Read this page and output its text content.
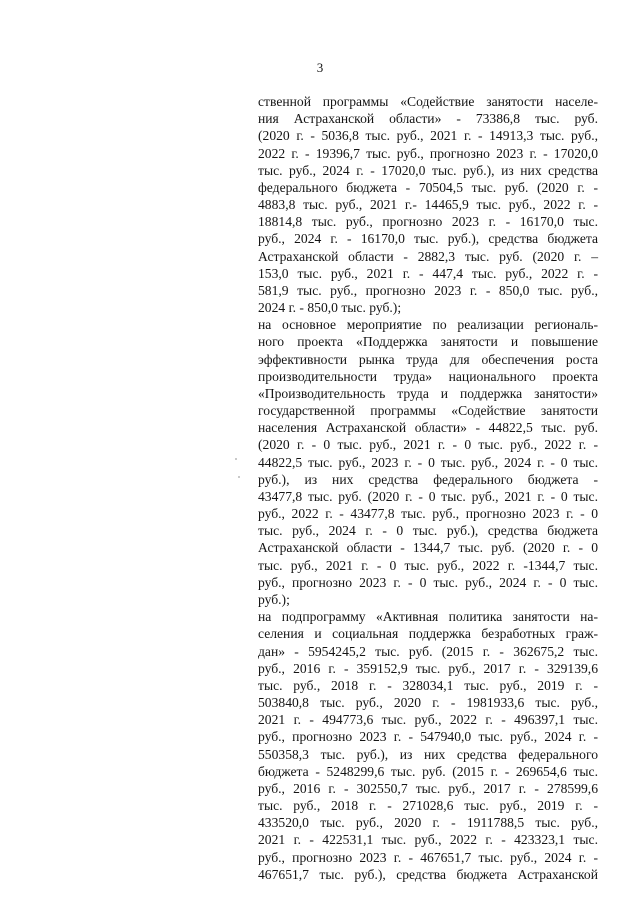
3
ственной программы «Содействие занятости населе-
ния Астраханской области» - 73386,8 тыс. руб.
(2020 г. - 5036,8 тыс. руб., 2021 г. - 14913,3 тыс. руб.,
2022 г. - 19396,7 тыс. руб., прогнозно 2023 г. - 17020,0
тыс. руб., 2024 г. - 17020,0 тыс. руб.), из них средства
федерального бюджета - 70504,5 тыс. руб. (2020 г. -
4883,8 тыс. руб., 2021 г.- 14465,9 тыс. руб., 2022 г. -
18814,8 тыс. руб., прогнозно 2023 г. - 16170,0 тыс.
руб., 2024 г. - 16170,0 тыс. руб.), средства бюджета
Астраханской области - 2882,3 тыс. руб. (2020 г. –
153,0 тыс. руб., 2021 г. - 447,4 тыс. руб., 2022 г. -
581,9 тыс. руб., прогнозно 2023 г. - 850,0 тыс. руб.,
2024 г. - 850,0 тыс. руб.);
на основное мероприятие по реализации региональ-
ного проекта «Поддержка занятости и повышение
эффективности рынка труда для обеспечения роста
производительности труда» национального проекта
«Производительность труда и поддержка занятости»
государственной программы «Содействие занятости
населения Астраханской области» - 44822,5 тыс. руб.
(2020 г. - 0 тыс. руб., 2021 г. - 0 тыс. руб., 2022 г. -
44822,5 тыс. руб., 2023 г. - 0 тыс. руб., 2024 г. - 0 тыс.
руб.), из них средства федерального бюджета -
43477,8 тыс. руб. (2020 г. - 0 тыс. руб., 2021 г. - 0 тыс.
руб., 2022 г. - 43477,8 тыс. руб., прогнозно 2023 г. - 0
тыс. руб., 2024 г. - 0 тыс. руб.), средства бюджета
Астраханской области - 1344,7 тыс. руб. (2020 г. - 0
тыс. руб., 2021 г. - 0 тыс. руб., 2022 г. -1344,7 тыс.
руб., прогнозно 2023 г. - 0 тыс. руб., 2024 г. - 0 тыс.
руб.);
на подпрограмму «Активная политика занятости на-
селения и социальная поддержка безработных граж-
дан» - 5954245,2 тыс. руб. (2015 г. - 362675,2 тыс.
руб., 2016 г. - 359152,9 тыс. руб., 2017 г. - 329139,6
тыс. руб., 2018 г. - 328034,1 тыс. руб., 2019 г. -
503840,8 тыс. руб., 2020 г. - 1981933,6 тыс. руб.,
2021 г. - 494773,6 тыс. руб., 2022 г. - 496397,1 тыс.
руб., прогнозно 2023 г. - 547940,0 тыс. руб., 2024 г. -
550358,3 тыс. руб.), из них средства федерального
бюджета - 5248299,6 тыс. руб. (2015 г. - 269654,6 тыс.
руб., 2016 г. - 302550,7 тыс. руб., 2017 г. - 278599,6
тыс. руб., 2018 г. - 271028,6 тыс. руб., 2019 г. -
433520,0 тыс. руб., 2020 г. - 1911788,5 тыс. руб.,
2021 г. - 422531,1 тыс. руб., 2022 г. - 423323,1 тыс.
руб., прогнозно 2023 г. - 467651,7 тыс. руб., 2024 г. -
467651,7 тыс. руб.), средства бюджета Астраханской
